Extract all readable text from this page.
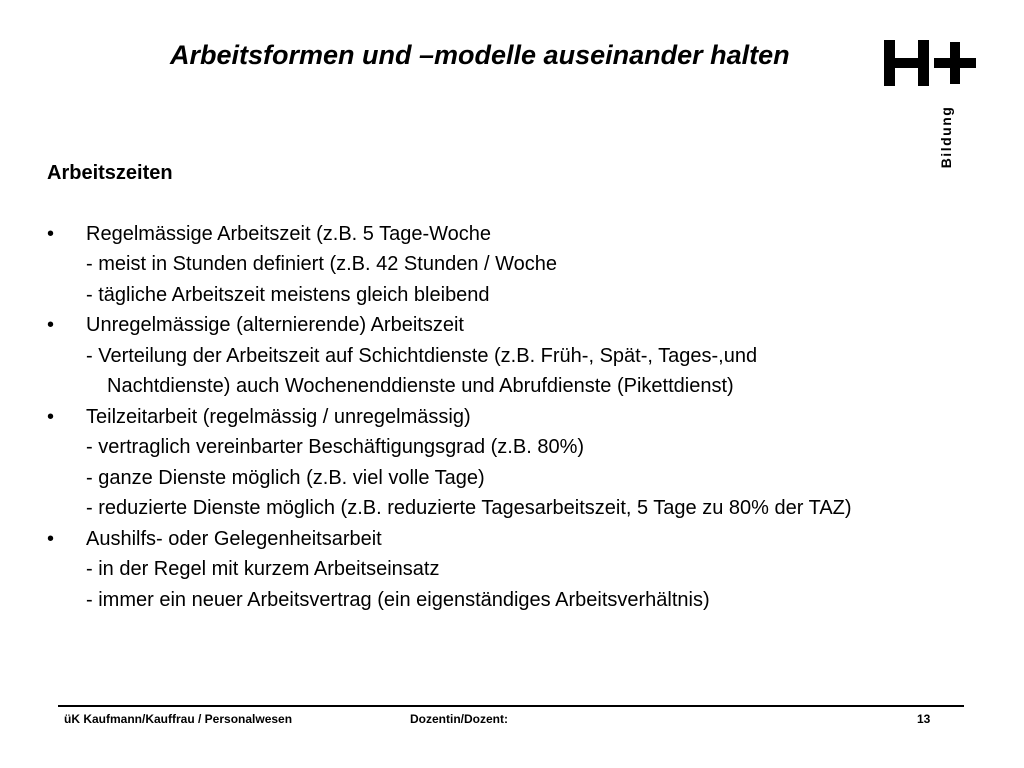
Arbeitsformen und –modelle auseinander halten
Bildung
Arbeitszeiten
•	Regelmässige Arbeitszeit (z.B. 5 Tage-Woche
- meist in Stunden definiert (z.B. 42 Stunden / Woche
- tägliche Arbeitszeit meistens gleich bleibend
•	Unregelmässige (alternierende) Arbeitszeit
- Verteilung der Arbeitszeit auf Schichtdienste (z.B. Früh-, Spät-, Tages-,und
Nachtdienste) auch Wochenenddienste und Abrufdienste (Pikettdienst)
•	Teilzeitarbeit (regelmässig / unregelmässig)
- vertraglich vereinbarter Beschäftigungsgrad (z.B. 80%)
- ganze Dienste möglich (z.B. viel volle Tage)
- reduzierte Dienste möglich (z.B. reduzierte Tagesarbeitszeit, 5 Tage zu 80% der TAZ)
•	Aushilfs- oder Gelegenheitsarbeit
- in der Regel mit kurzem Arbeitseinsatz
- immer ein neuer Arbeitsvertrag (ein eigenständiges Arbeitsverhältnis)
üK Kaufmann/Kauffrau / Personalwesen	Dozentin/Dozent:	13
